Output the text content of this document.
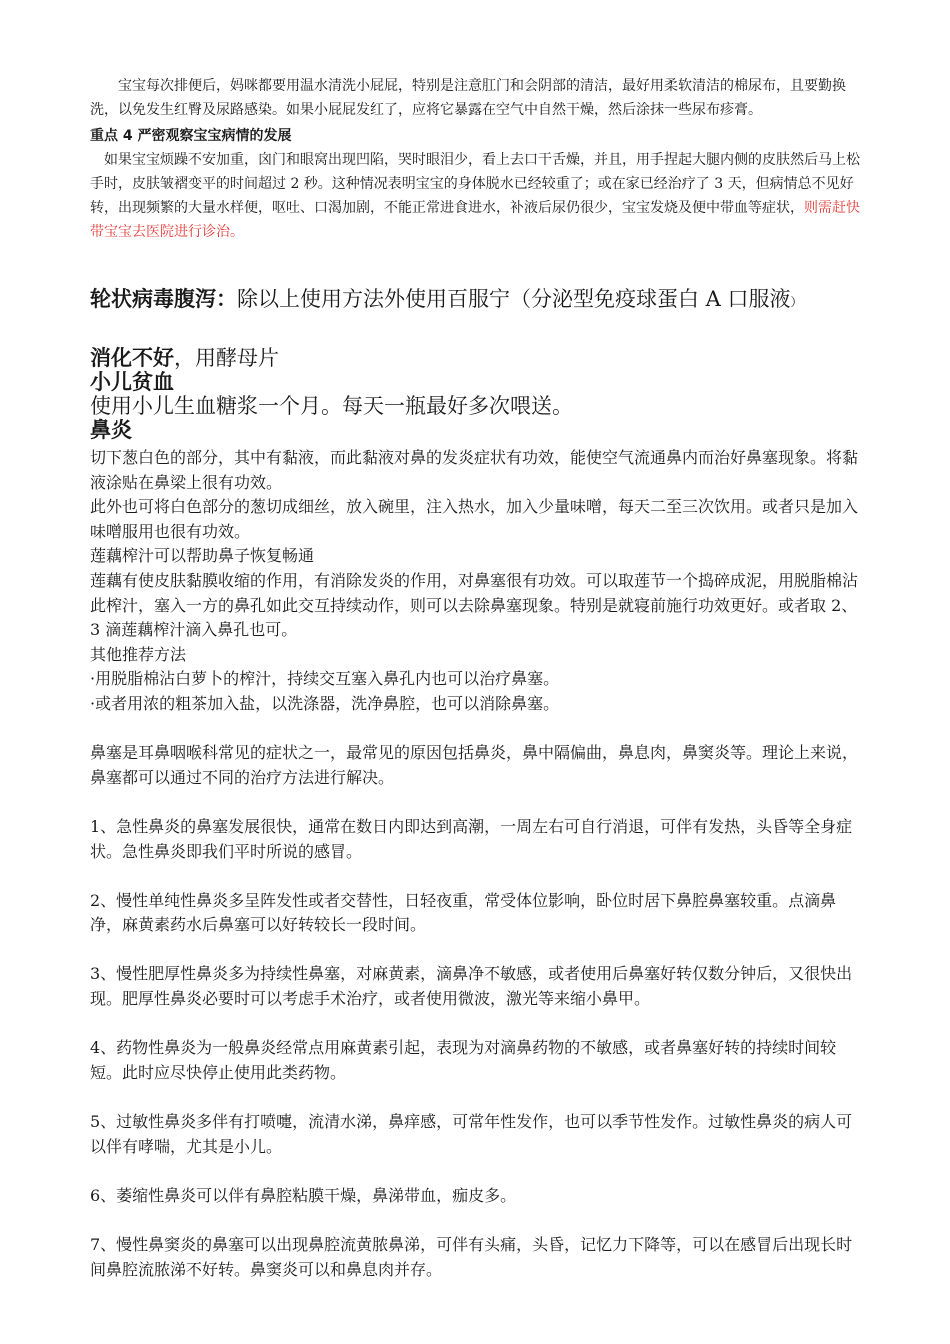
宝宝每次排便后，妈咪都要用温水清洗小屁屁，特别是注意肛门和会阴部的清洁，最好用柔软清洁的棉尿布，且要勤换洗，以免发生红臀及尿路感染。如果小屁屁发红了，应将它暴露在空气中自然干燥，然后涂抹一些尿布疹膏。

重点 4 严密观察宝宝病情的发展

如果宝宝烦躁不安加重，囟门和眼窝出现凹陷，哭时眼泪少，看上去口干舌燥，并且，用手捏起大腿内侧的皮肤然后马上松手时，皮肤皱褶变平的时间超过 2 秒。这种情况表明宝宝的身体脱水已经较重了；或在家已经治疗了 3 天，但病情总不见好转，出现频繁的大量水样便，呕吐、口渴加剧，不能正常进食进水，补液后尿仍很少，宝宝发烧及便中带血等症状，则需赶快带宝宝去医院进行诊治。

轮状病毒腹泻：除以上使用方法外使用百服宁（分泌型免疫球蛋白 A 口服液）

消化不好，用酵母片

小儿贫血

使用小儿生血糖浆一个月。每天一瓶最好多次喂送。

鼻炎

切下葱白色的部分，其中有黏液，而此黏液对鼻的发炎症状有功效，能使空气流通鼻内而治好鼻塞现象。将黏液涂贴在鼻梁上很有功效。

此外也可将白色部分的葱切成细丝，放入碗里，注入热水，加入少量味噌，每天二至三次饮用。或者只是加入味噌服用也很有功效。

莲藕榨汁可以帮助鼻子恢复畅通

莲藕有使皮肤黏膜收缩的作用，有消除发炎的作用，对鼻塞很有功效。可以取莲节一个捣碎成泥，用脱脂棉沾此榨汁，塞入一方的鼻孔如此交互持续动作，则可以去除鼻塞现象。特别是就寝前施行功效更好。或者取 2、3 滴莲藕榨汁滴入鼻孔也可。

其他推荐方法

·用脱脂棉沾白萝卜的榨汁，持续交互塞入鼻孔内也可以治疗鼻塞。

·或者用浓的粗茶加入盐，以洗涤器，洗净鼻腔，也可以消除鼻塞。

鼻塞是耳鼻咽喉科常见的症状之一，最常见的原因包括鼻炎，鼻中隔偏曲，鼻息肉，鼻窦炎等。理论上来说，鼻塞都可以通过不同的治疗方法进行解决。

1、急性鼻炎的鼻塞发展很快，通常在数日内即达到高潮，一周左右可自行消退，可伴有发热，头昏等全身症状。急性鼻炎即我们平时所说的感冒。

2、慢性单纯性鼻炎多呈阵发性或者交替性，日轻夜重，常受体位影响，卧位时居下鼻腔鼻塞较重。点滴鼻净，麻黄素药水后鼻塞可以好转较长一段时间。

3、慢性肥厚性鼻炎多为持续性鼻塞，对麻黄素，滴鼻净不敏感，或者使用后鼻塞好转仅数分钟后，又很快出现。肥厚性鼻炎必要时可以考虑手术治疗，或者使用微波，激光等来缩小鼻甲。

4、药物性鼻炎为一般鼻炎经常点用麻黄素引起，表现为对滴鼻药物的不敏感，或者鼻塞好转的持续时间较短。此时应尽快停止使用此类药物。

5、过敏性鼻炎多伴有打喷嚏，流清水涕，鼻痒感，可常年性发作，也可以季节性发作。过敏性鼻炎的病人可以伴有哮喘，尤其是小儿。

6、萎缩性鼻炎可以伴有鼻腔粘膜干燥，鼻涕带血，痂皮多。

7、慢性鼻窦炎的鼻塞可以出现鼻腔流黄脓鼻涕，可伴有头痛，头昏，记忆力下降等，可以在感冒后出现长时间鼻腔流脓涕不好转。鼻窦炎可以和鼻息肉并存。
